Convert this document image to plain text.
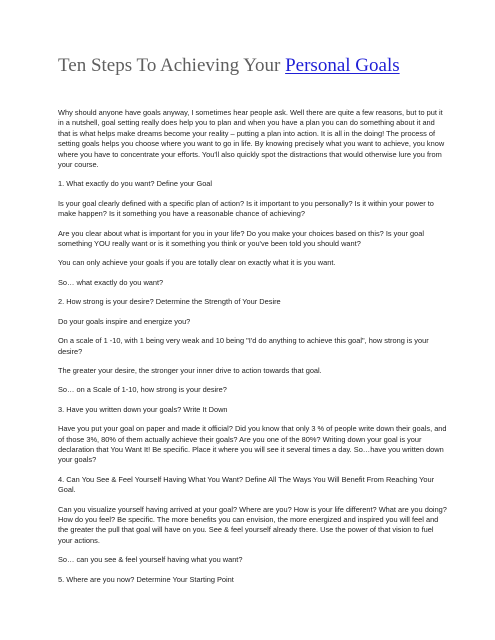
Ten Steps To Achieving Your Personal Goals

Why should anyone have goals anyway, I sometimes hear people ask. Well there are quite a few reasons, but to put it in a nutshell, goal setting really does help you to plan and when you have a plan you can do something about it and that is what helps make dreams become your reality – putting a plan into action. It is all in the doing! The process of setting goals helps you choose where you want to go in life. By knowing precisely what you want to achieve, you know where you have to concentrate your efforts. You'll also quickly spot the distractions that would otherwise lure you from your course.

1. What exactly do you want? Define your Goal

Is your goal clearly defined with a specific plan of action? Is it important to you personally? Is it within your power to make happen? Is it something you have a reasonable chance of achieving?

Are you clear about what is important for you in your life? Do you make your choices based on this? Is your goal something YOU really want or is it something you think or you've been told you should want?

You can only achieve your goals if you are totally clear on exactly what it is you want.

So… what exactly do you want?

2. How strong is your desire? Determine the Strength of Your Desire

Do your goals inspire and energize you?

On a scale of 1 -10, with 1 being very weak and 10 being "I'd do anything to achieve this goal", how strong is your desire?

The greater your desire, the stronger your inner drive to action towards that goal.

So… on a Scale of 1-10, how strong is your desire?

3. Have you written down your goals? Write It Down

Have you put your goal on paper and made it official? Did you know that only 3 % of people write down their goals, and of those 3%, 80% of them actually achieve their goals? Are you one of the 80%? Writing down your goal is your declaration that You Want It! Be specific. Place it where you will see it several times a day. So…have you written down your goals?

4. Can You See & Feel Yourself Having What You Want? Define All The Ways You Will Benefit From Reaching Your Goal.

Can you visualize yourself having arrived at your goal? Where are you? How is your life different? What are you doing? How do you feel? Be specific. The more benefits you can envision, the more energized and inspired you will feel and the greater the pull that goal will have on you. See & feel yourself already there. Use the power of that vision to fuel your actions.

So… can you see & feel yourself having what you want?

5. Where are you now? Determine Your Starting Point
